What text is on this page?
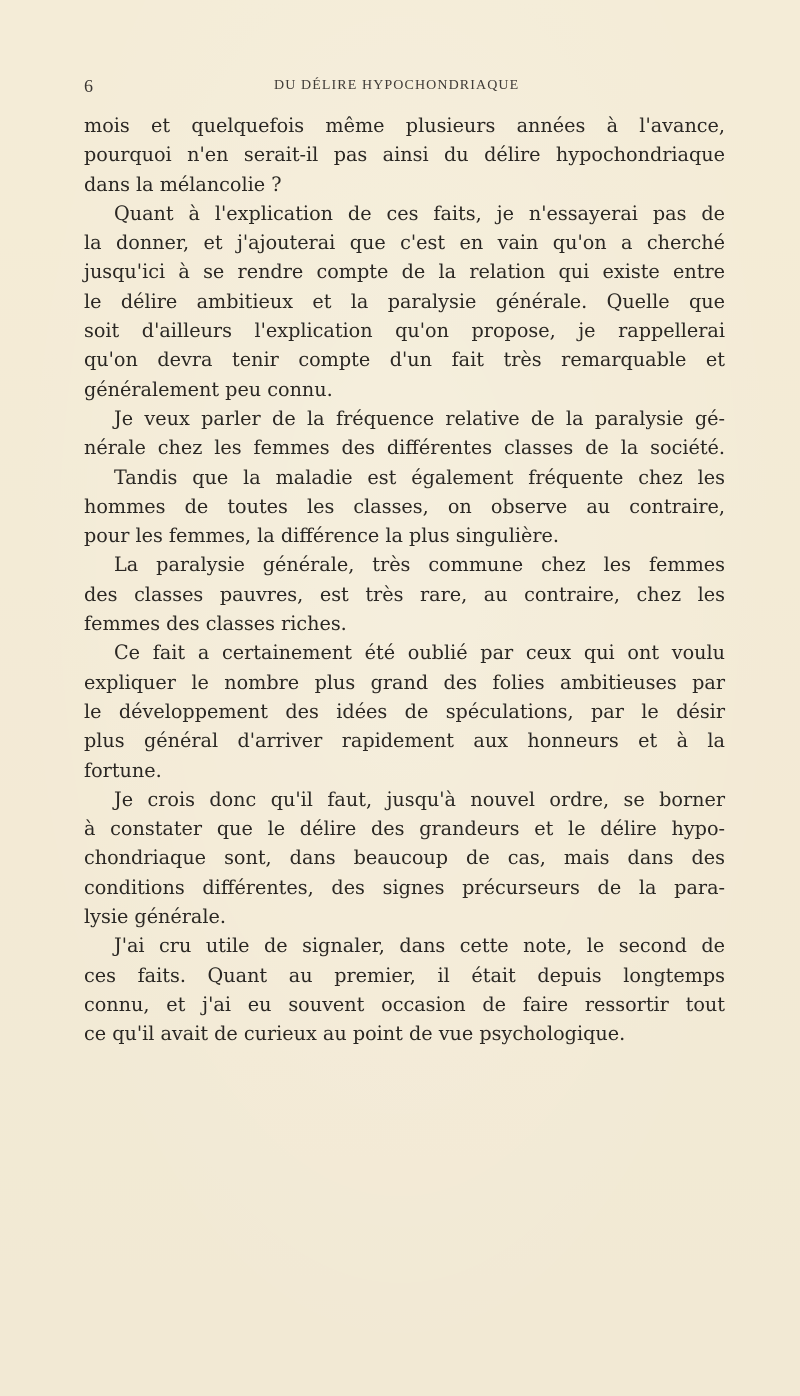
6	DU DÉLIRE HYPOCHONDRIAQUE
mois et quelquefois même plusieurs années à l'avance,
pourquoi n'en serait-il pas ainsi du délire hypochondriaque
dans la mélancolie ?
Quant à l'explication de ces faits, je n'essayerai pas de
la donner, et j'ajouterai que c'est en vain qu'on a cherché
jusqu'ici à se rendre compte de la relation qui existe entre
le délire ambitieux et la paralysie générale. Quelle que
soit d'ailleurs l'explication qu'on propose, je rappellerai
qu'on devra tenir compte d'un fait très remarquable et
généralement peu connu.
Je veux parler de la fréquence relative de la paralysie gé-
nérale chez les femmes des différentes classes de la société.
Tandis que la maladie est également fréquente chez les
hommes de toutes les classes, on observe au contraire,
pour les femmes, la différence la plus singulière.
La paralysie générale, très commune chez les femmes
des classes pauvres, est très rare, au contraire, chez les
femmes des classes riches.
Ce fait a certainement été oublié par ceux qui ont voulu
expliquer le nombre plus grand des folies ambitieuses par
le développement des idées de spéculations, par le désir
plus général d'arriver rapidement aux honneurs et à la
fortune.
Je crois donc qu'il faut, jusqu'à nouvel ordre, se borner
à constater que le délire des grandeurs et le délire hypo-
chondriaque sont, dans beaucoup de cas, mais dans des
conditions différentes, des signes précurseurs de la para-
lysie générale.
J'ai cru utile de signaler, dans cette note, le second de
ces faits. Quant au premier, il était depuis longtemps
connu, et j'ai eu souvent occasion de faire ressortir tout
ce qu'il avait de curieux au point de vue psychologique.
